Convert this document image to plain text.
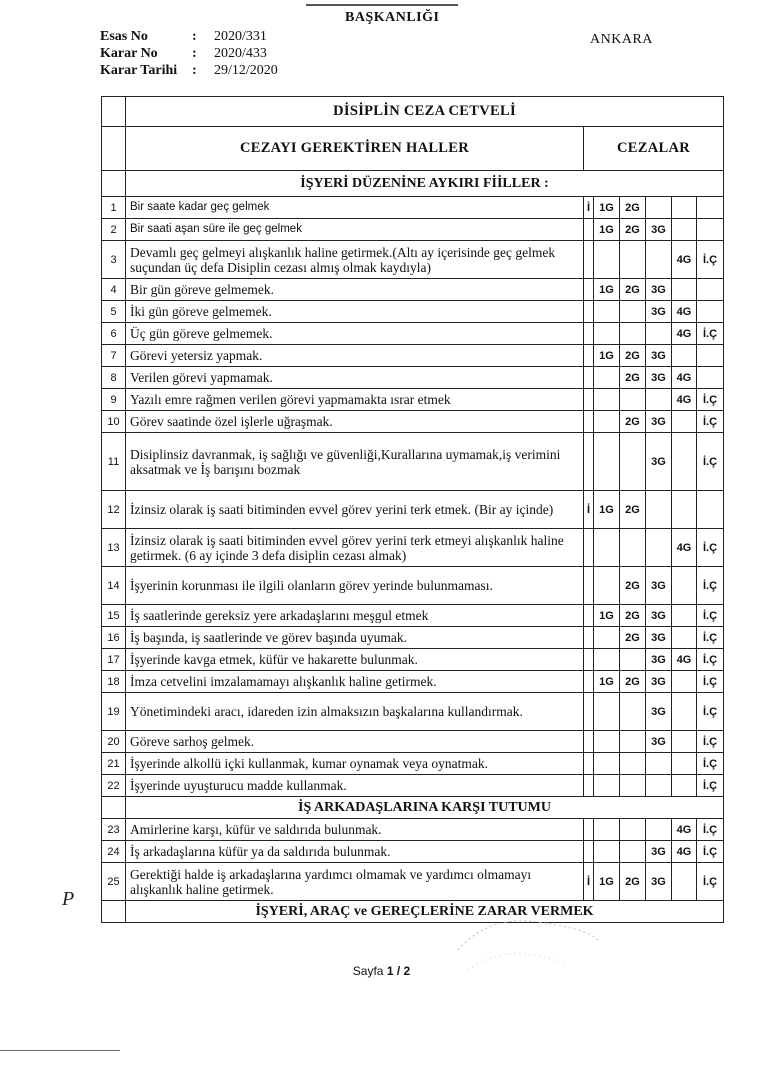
BAŞKANLIĞI
Esas No	:	2020/331
Karar No	:	2020/433
Karar Tarihi	:	29/12/2020
ANKARA
	DİSİPLİN CEZA CETVELİ						
	CEZAYI GEREKTİREN HALLER	CEZALAR					
	İŞYERİ DÜZENİNE AYKIRI FİİLLER :						
1	Bir saate kadar geç gelmek	İ	1G	2G			
2	Bir saati aşan süre ile geç gelmek		1G	2G	3G		
3	Devamlı geç gelmeyi alışkanlık haline getirmek.(Altı ay içerisinde geç gelmek suçundan üç defa Disiplin cezası almış olmak kaydıyla)					4G	İ.Ç
4	Bir gün göreve gelmemek.		1G	2G	3G		
5	İki gün göreve gelmemek.				3G	4G	
6	Üç gün göreve gelmemek.					4G	İ.Ç
7	Görevi yetersiz yapmak.		1G	2G	3G		
8	Verilen görevi yapmamak.			2G	3G	4G	
9	Yazılı emre rağmen verilen görevi yapmamakta ısrar etmek					4G	İ.Ç
10	Görev saatinde özel işlerle uğraşmak.			2G	3G		İ.Ç
11	Disiplinsiz davranmak, iş sağlığı ve güvenliği,Kurallarına uymamak,iş verimini aksatmak ve İş barışını bozmak				3G		İ.Ç
12	İzinsiz olarak iş saati bitiminden evvel görev yerini terk etmek. (Bir ay içinde)	İ	1G	2G			
13	İzinsiz olarak iş saati bitiminden evvel görev yerini terk etmeyi alışkanlık haline getirmek. (6 ay içinde 3 defa disiplin cezası almak)					4G	İ.Ç
14	İşyerinin korunması ile ilgili olanların görev yerinde bulunmaması.			2G	3G		İ.Ç
15	İş saatlerinde gereksiz yere arkadaşlarını meşgul etmek		1G	2G	3G		İ.Ç
16	İş başında, iş saatlerinde ve görev başında uyumak.			2G	3G		İ.Ç
17	İşyerinde kavga etmek, küfür ve hakarette bulunmak.				3G	4G	İ.Ç
18	İmza cetvelini imzalamamayı alışkanlık haline getirmek.		1G	2G	3G		İ.Ç
19	Yönetimindeki aracı, idareden izin almaksızın başkalarına kullandırmak.				3G		İ.Ç
20	Göreve sarhoş gelmek.				3G		İ.Ç
21	İşyerinde alkollü içki kullanmak, kumar oynamak veya oynatmak.						İ.Ç
22	İşyerinde uyuşturucu madde kullanmak.						İ.Ç
	İŞ ARKADAŞLARINA KARŞI TUTUMU						
23	Amirlerine karşı, küfür ve saldırıda bulunmak.					4G	İ.Ç
24	İş arkadaşlarına küfür ya da saldırıda bulunmak.				3G	4G	İ.Ç
25	Gerektiği halde iş arkadaşlarına yardımcı olmamak ve yardımcı olmamayı alışkanlık haline getirmek.	İ	1G	2G	3G		İ.Ç
	İŞYERİ, ARAÇ ve GEREÇLERİNE ZARAR VERMEK						
P
Sayfa 1 / 2
